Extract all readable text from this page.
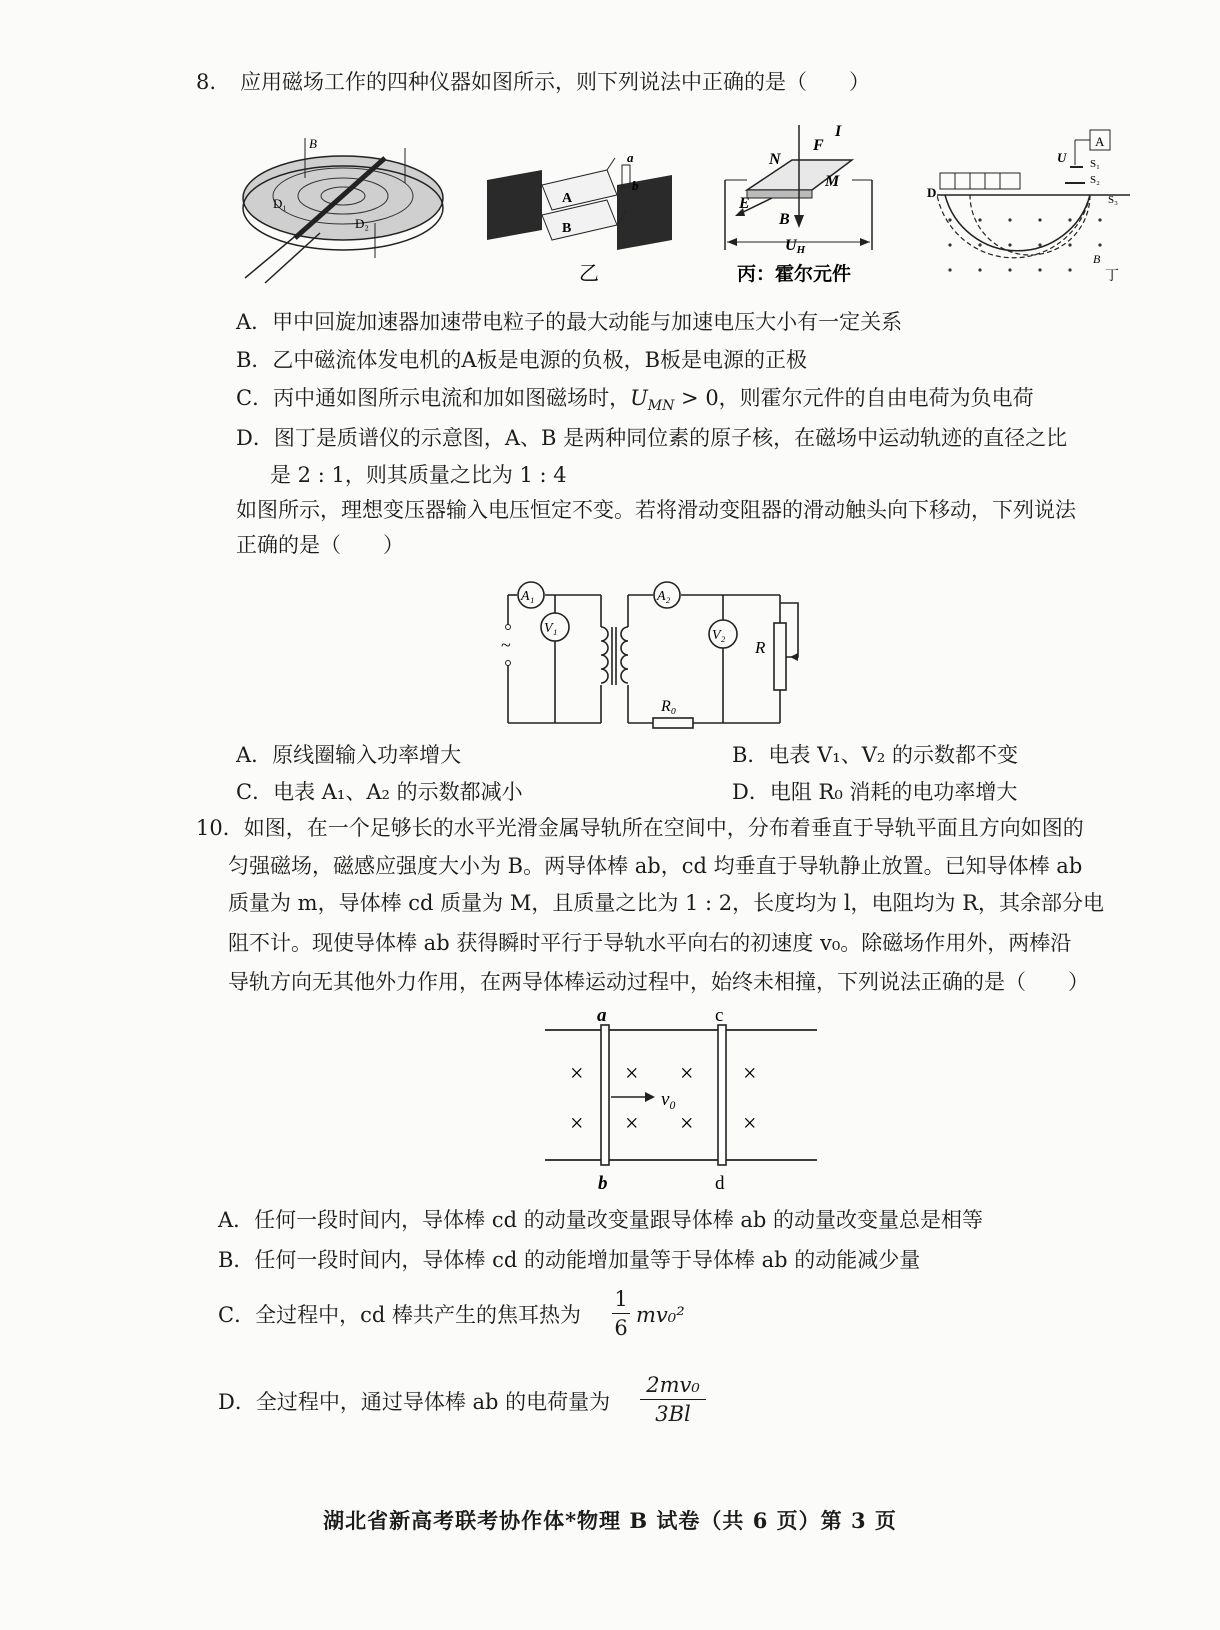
8. 应用磁场工作的四种仪器如图所示，则下列说法中正确的是（　　）
B
D₁
D₂
a
b
A
B
乙
N
F
I
M
E
B
UH
丙：霍尔元件
A
U
D
S₁
S₂
S₃
B
丁
A．甲中回旋加速器加速带电粒子的最大动能与加速电压大小有一定关系
B．乙中磁流体发电机的A板是电源的负极，B板是电源的正极
C．丙中通如图所示电流和加如图磁场时，$U_{MN} > 0$，则霍尔元件的自由电荷为负电荷
D．图丁是质谱仪的示意图，A、B 是两种同位素的原子核，在磁场中运动轨迹的直径之比
是 2 : 1，则其质量之比为 1 : 4
如图所示，理想变压器输入电压恒定不变。若将滑动变阻器的滑动触头向下移动，下列说法
正确的是（　　）
A₁
V₁
A₂
V₂
R
R₀
~
A．原线圈输入功率增大	B．电表 V₁、V₂ 的示数都不变
C．电表 A₁、A₂ 的示数都减小	D．电阻 R₀ 消耗的电功率增大
10．如图，在一个足够长的水平光滑金属导轨所在空间中，分布着垂直于导轨平面且方向如图的
匀强磁场，磁感应强度大小为 B。两导体棒 ab，cd 均垂直于导轨静止放置。已知导体棒 ab
质量为 m，导体棒 cd 质量为 M，且质量之比为 1 : 2，长度均为 l，电阻均为 R，其余部分电
阻不计。现使导体棒 ab 获得瞬时平行于导轨水平向右的初速度 v₀。除磁场作用外，两棒沿
导轨方向无其他外力作用，在两导体棒运动过程中，始终未相撞，下列说法正确的是（　　）
× × × ×
× × × ×
a
b
c
d
v₀
A．任何一段时间内，导体棒 cd 的动量改变量跟导体棒 ab 的动量改变量总是相等
B．任何一段时间内，导体棒 cd 的动能增加量等于导体棒 ab 的动能减少量
C．全过程中，cd 棒共产生的焦耳热为
1
6
mv₀²
D．全过程中，通过导体棒 ab 的电荷量为
2mv₀
3Bl
湖北省新高考联考协作体*物理 B 试卷（共 6 页）第 3 页
